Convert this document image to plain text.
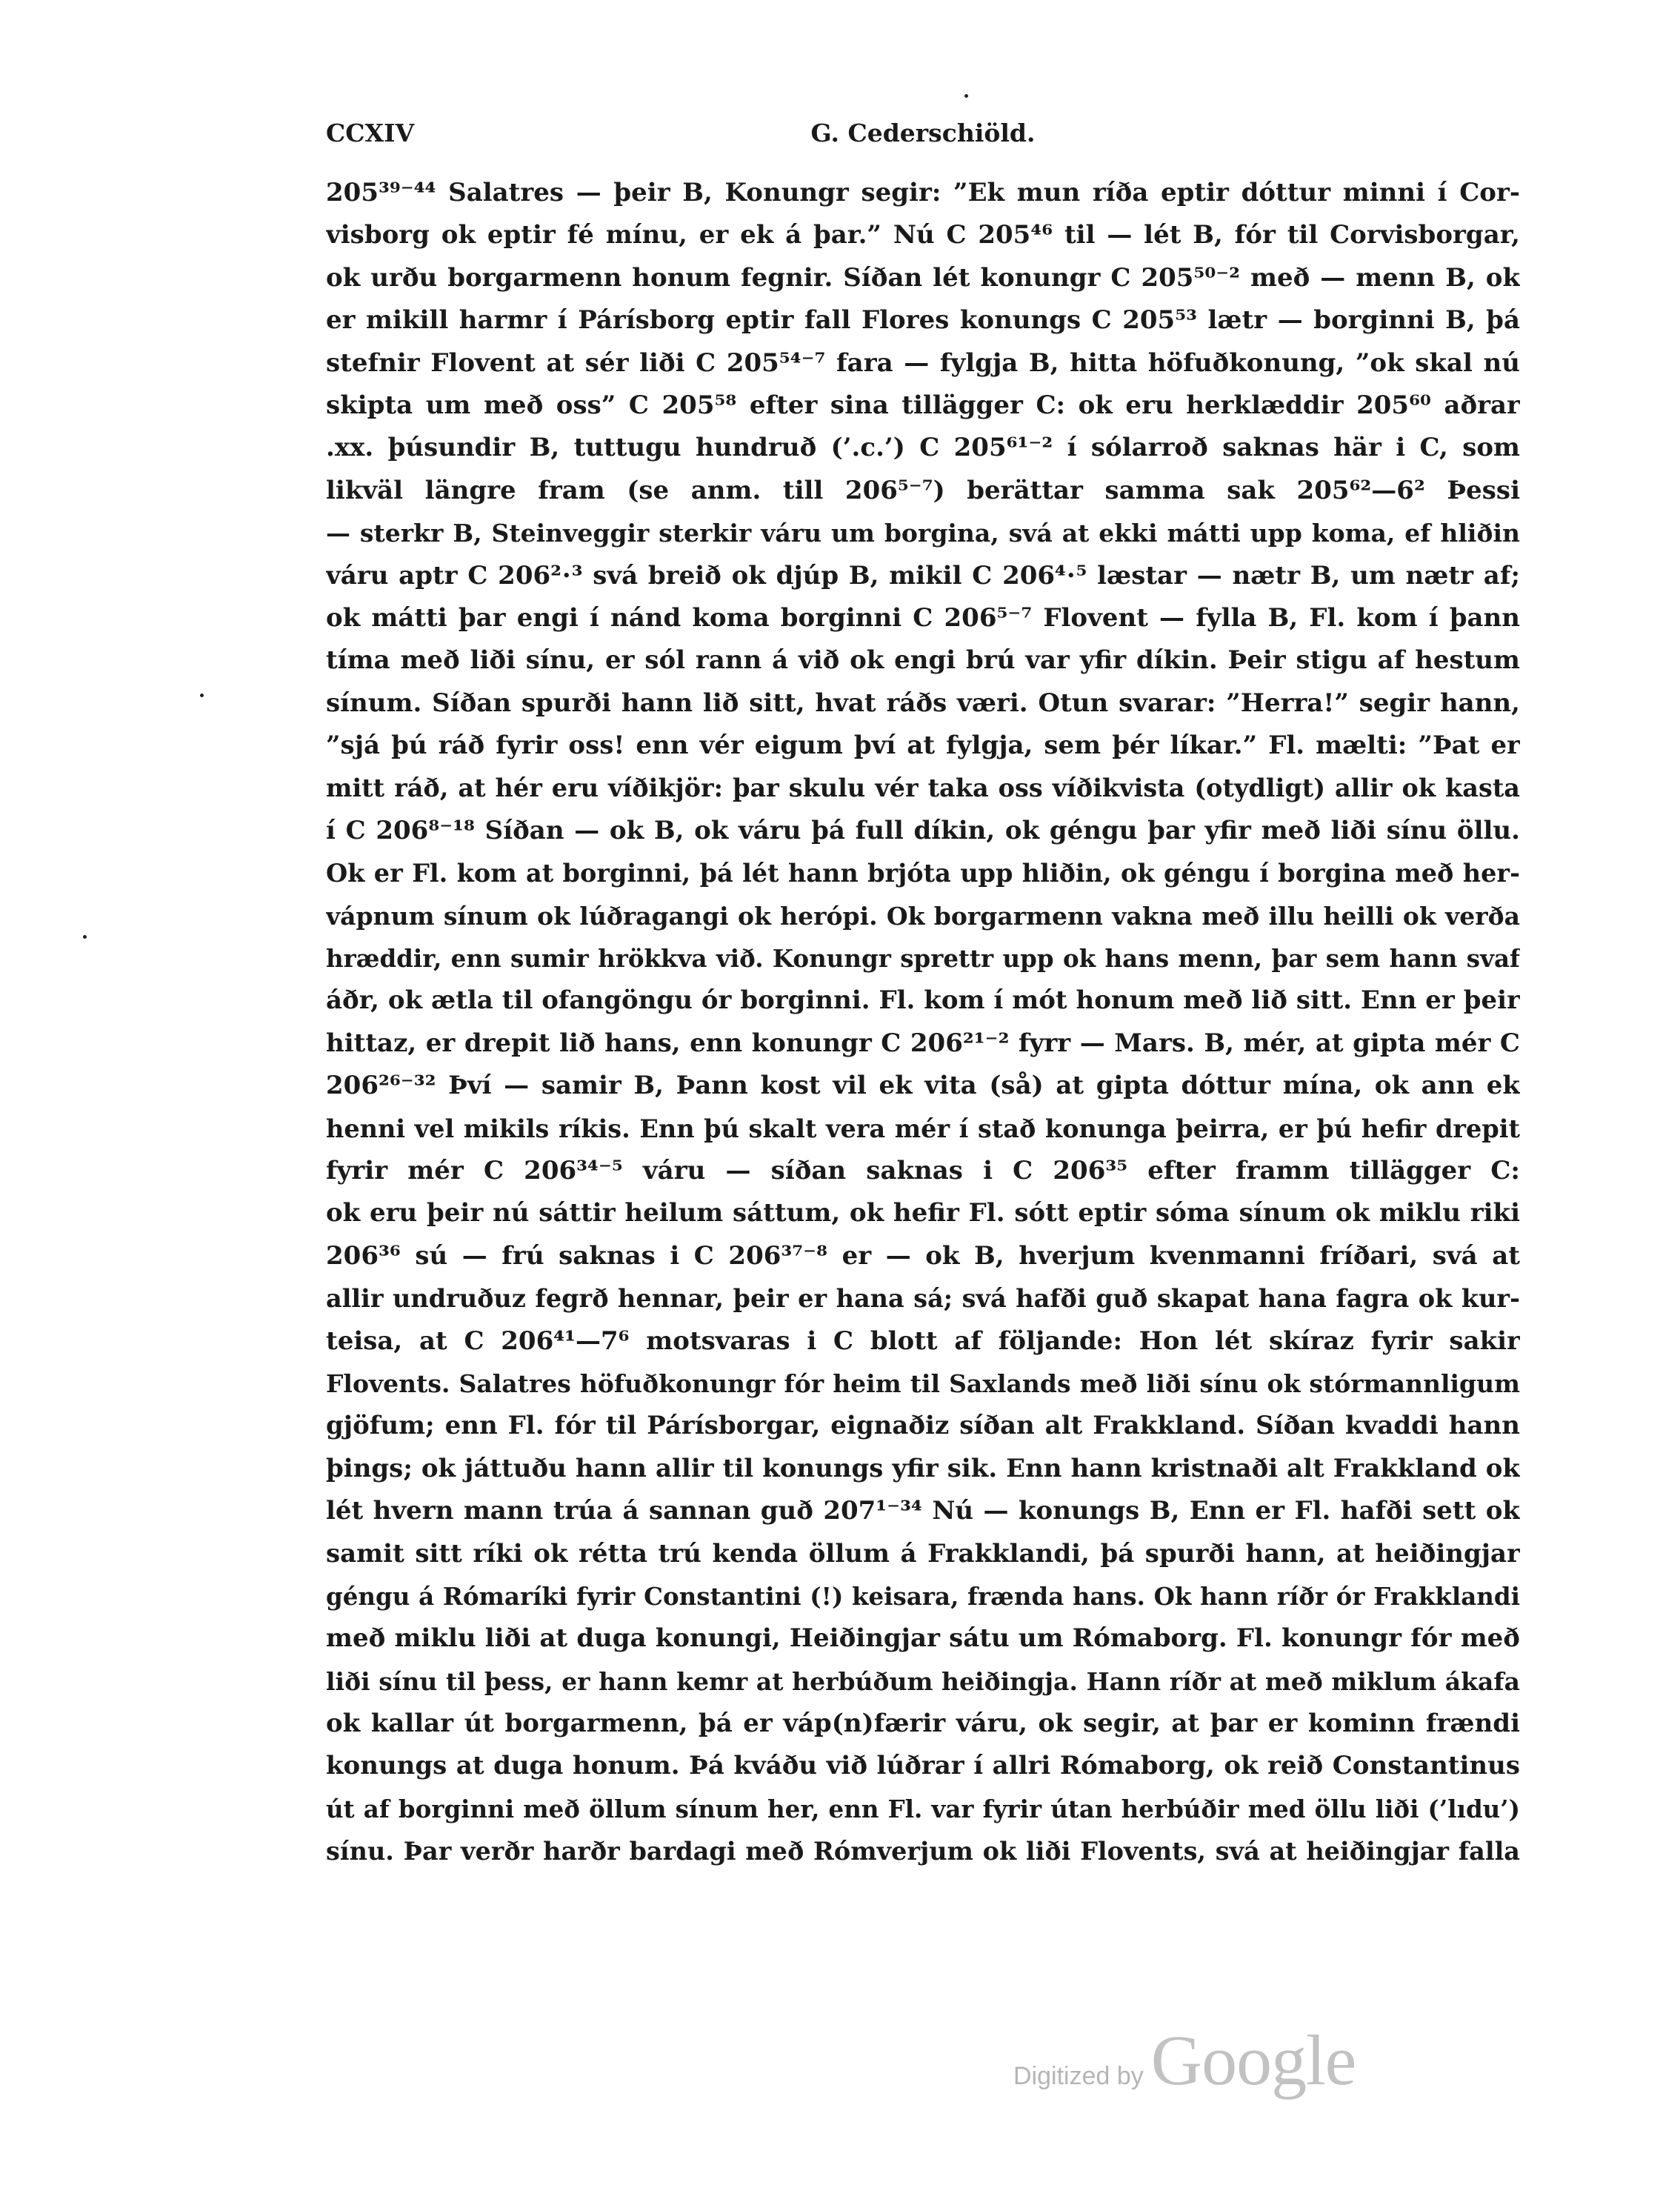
CCXIV	G. Cederschiöld.
205³⁹⁻⁴⁴ Salatres — þeir B, Konungr segir: ”Ek mun ríða eptir dóttur minni í Cor-
visborg ok eptir fé mínu, er ek á þar.” Nú C 205⁴⁶ til — lét B, fór til Corvisborgar,
ok urðu borgarmenn honum fegnir. Síðan lét konungr C 205⁵⁰⁻² með — menn B, ok
er mikill harmr í Párísborg eptir fall Flores konungs C 205⁵³ lætr — borginni B, þá
stefnir Flovent at sér liði C 205⁵⁴⁻⁷ fara — fylgja B, hitta höfuðkonung, ”ok skal nú
skipta um með oss” C 205⁵⁸ efter sina tillägger C: ok eru herklæddir 205⁶⁰ aðrar
.xx. þúsundir B, tuttugu hundruð (’.c.’) C 205⁶¹⁻² í sólarroð saknas här i C, som
likväl längre fram (se anm. till 206⁵⁻⁷) berättar samma sak 205⁶²—6² Þessi
— sterkr B, Steinveggir sterkir váru um borgina, svá at ekki mátti upp koma, ef hliðin
váru aptr C 206²⋅³ svá breið ok djúp B, mikil C 206⁴⋅⁵ læstar — nætr B, um nætr af;
ok mátti þar engi í nánd koma borginni C 206⁵⁻⁷ Flovent — fylla B, Fl. kom í þann
tíma með liði sínu, er sól rann á við ok engi brú var yfir díkin. Þeir stigu af hestum
sínum. Síðan spurði hann lið sitt, hvat ráðs væri. Otun svarar: ”Herra!” segir hann,
”sjá þú ráð fyrir oss! enn vér eigum því at fylgja, sem þér líkar.” Fl. mælti: ”Þat er
mitt ráð, at hér eru víðikjör: þar skulu vér taka oss víðikvista (otydligt) allir ok kasta
í C 206⁸⁻¹⁸ Síðan — ok B, ok váru þá full díkin, ok géngu þar yfir með liði sínu öllu.
Ok er Fl. kom at borginni, þá lét hann brjóta upp hliðin, ok géngu í borgina með her-
vápnum sínum ok lúðragangi ok herópi. Ok borgarmenn vakna með illu heilli ok verða
hræddir, enn sumir hrökkva við. Konungr sprettr upp ok hans menn, þar sem hann svaf
áðr, ok ætla til ofangöngu ór borginni. Fl. kom í mót honum með lið sitt. Enn er þeir
hittaz, er drepit lið hans, enn konungr C 206²¹⁻² fyrr — Mars. B, mér, at gipta mér C
206²⁶⁻³² Því — samir B, Þann kost vil ek vita (så) at gipta dóttur mína, ok ann ek
henni vel mikils ríkis. Enn þú skalt vera mér í stað konunga þeirra, er þú hefir drepit
fyrir mér C 206³⁴⁻⁵ váru — síðan saknas i C 206³⁵ efter framm tillägger C:
ok eru þeir nú sáttir heilum sáttum, ok hefir Fl. sótt eptir sóma sínum ok miklu riki
206³⁶ sú — frú saknas i C 206³⁷⁻⁸ er — ok B, hverjum kvenmanni fríðari, svá at
allir undruðuz fegrð hennar, þeir er hana sá; svá hafði guð skapat hana fagra ok kur-
teisa, at C 206⁴¹—7⁶ motsvaras i C blott af följande: Hon lét skíraz fyrir sakir
Flovents. Salatres höfuðkonungr fór heim til Saxlands með liði sínu ok stórmannligum
gjöfum; enn Fl. fór til Párísborgar, eignaðiz síðan alt Frakkland. Síðan kvaddi hann
þings; ok játtuðu hann allir til konungs yfir sik. Enn hann kristnaði alt Frakkland ok
lét hvern mann trúa á sannan guð 207¹⁻³⁴ Nú — konungs B, Enn er Fl. hafði sett ok
samit sitt ríki ok rétta trú kenda öllum á Frakklandi, þá spurði hann, at heiðingjar
géngu á Rómaríki fyrir Constantini (!) keisara, frænda hans. Ok hann ríðr ór Frakklandi
með miklu liði at duga konungi, Heiðingjar sátu um Rómaborg. Fl. konungr fór með
liði sínu til þess, er hann kemr at herbúðum heiðingja. Hann ríðr at með miklum ákafa
ok kallar út borgarmenn, þá er váp(n)færir váru, ok segir, at þar er kominn frændi
konungs at duga honum. Þá kváðu við lúðrar í allri Rómaborg, ok reið Constantinus
út af borginni með öllum sínum her, enn Fl. var fyrir útan herbúðir med öllu liði (’lıdu’)
sínu. Þar verðr harðr bardagi með Rómverjum ok liði Flovents, svá at heiðingjar falla
Digitized by Google
